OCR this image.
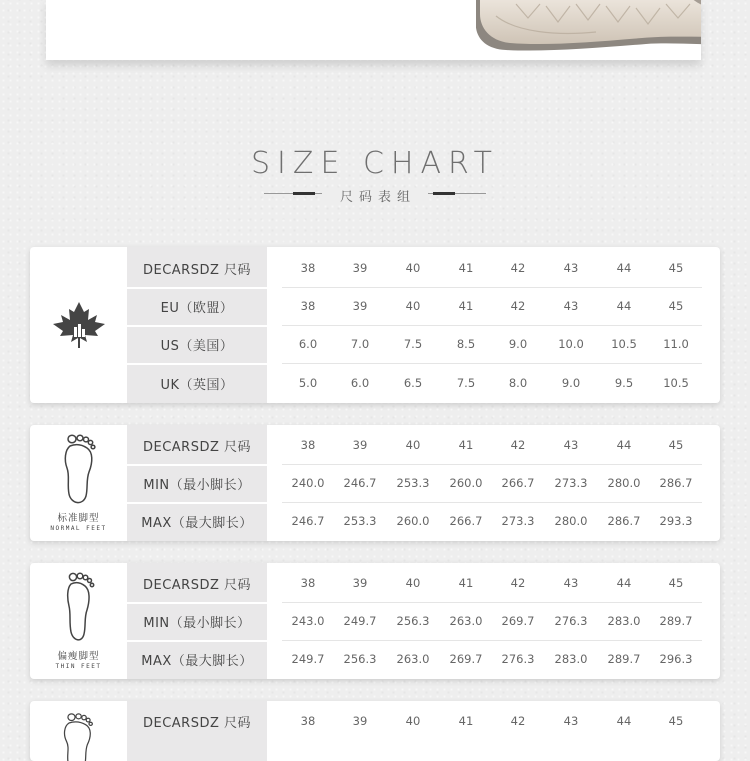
SIZE CHART
尺码表组
DECARSDZ 尺码	38	39	40	41	42	43	44	45
EU（欧盟）	38	39	40	41	42	43	44	45
US（美国）	6.0	7.0	7.5	8.5	9.0	10.0	10.5	11.0
UK（英国）	5.0	6.0	6.5	7.5	8.0	9.0	9.5	10.5
标准脚型
NORMAL FEET
DECARSDZ 尺码	38	39	40	41	42	43	44	45
MIN（最小脚长）	240.0	246.7	253.3	260.0	266.7	273.3	280.0	286.7
MAX（最大脚长）	246.7	253.3	260.0	266.7	273.3	280.0	286.7	293.3
偏瘦脚型
THIN FEET
DECARSDZ 尺码	38	39	40	41	42	43	44	45
MIN（最小脚长）	243.0	249.7	256.3	263.0	269.7	276.3	283.0	289.7
MAX（最大脚长）	249.7	256.3	263.0	269.7	276.3	283.0	289.7	296.3
DECARSDZ 尺码	38	39	40	41	42	43	44	45
